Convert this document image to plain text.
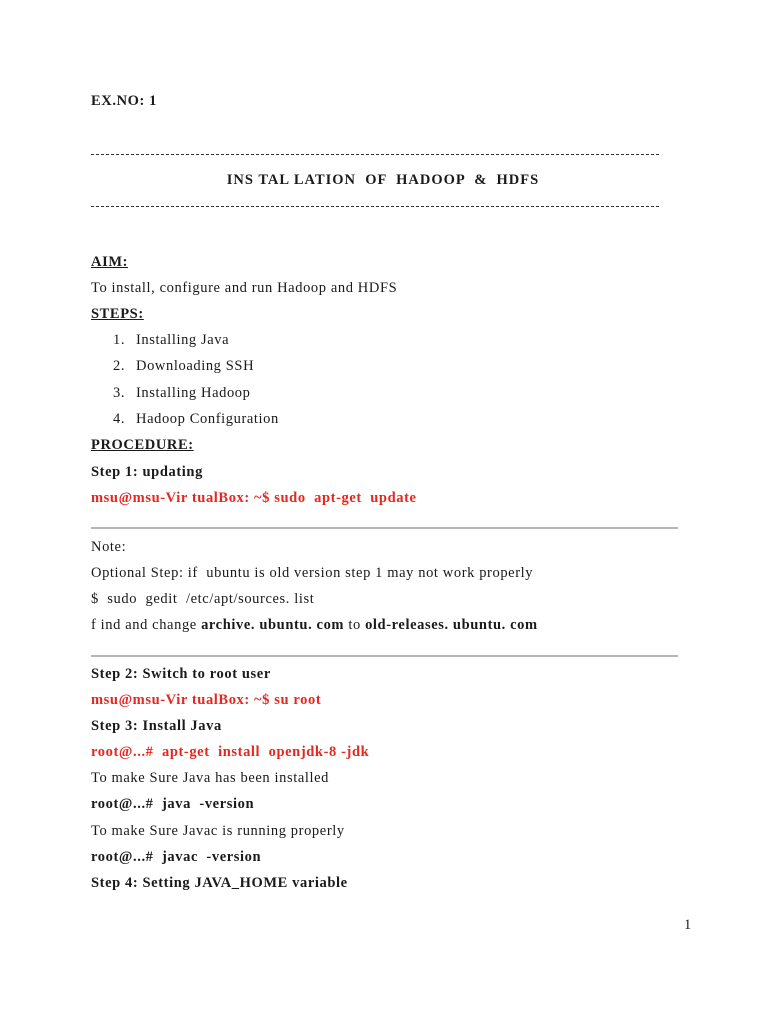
EX.NO: 1
INS TAL LATION  OF  HADOOP  &  HDFS
AIM:
To install, configure and run Hadoop and HDFS
STEPS:
1. Installing Java
2. Downloading SSH
3. Installing Hadoop
4. Hadoop Configuration
PROCEDURE:
Step 1: updating
msu@msu-Vir tualBox: ~$ sudo  apt-get  update
Note:
Optional Step: if  ubuntu is old version step 1 may not work properly
$  sudo  gedit  /etc/apt/sources. list
f ind and change archive. ubuntu. com to old-releases. ubuntu. com
Step 2: Switch to root user
msu@msu-Vir tualBox: ~$ su root
Step 3: Install Java
root@...#  apt-get  install  openjdk-8 -jdk
To make Sure Java has been installed
root@...#  java  -version
To make Sure Javac is running properly
root@...#  javac  -version
Step 4: Setting JAVA_HOME variable
1
